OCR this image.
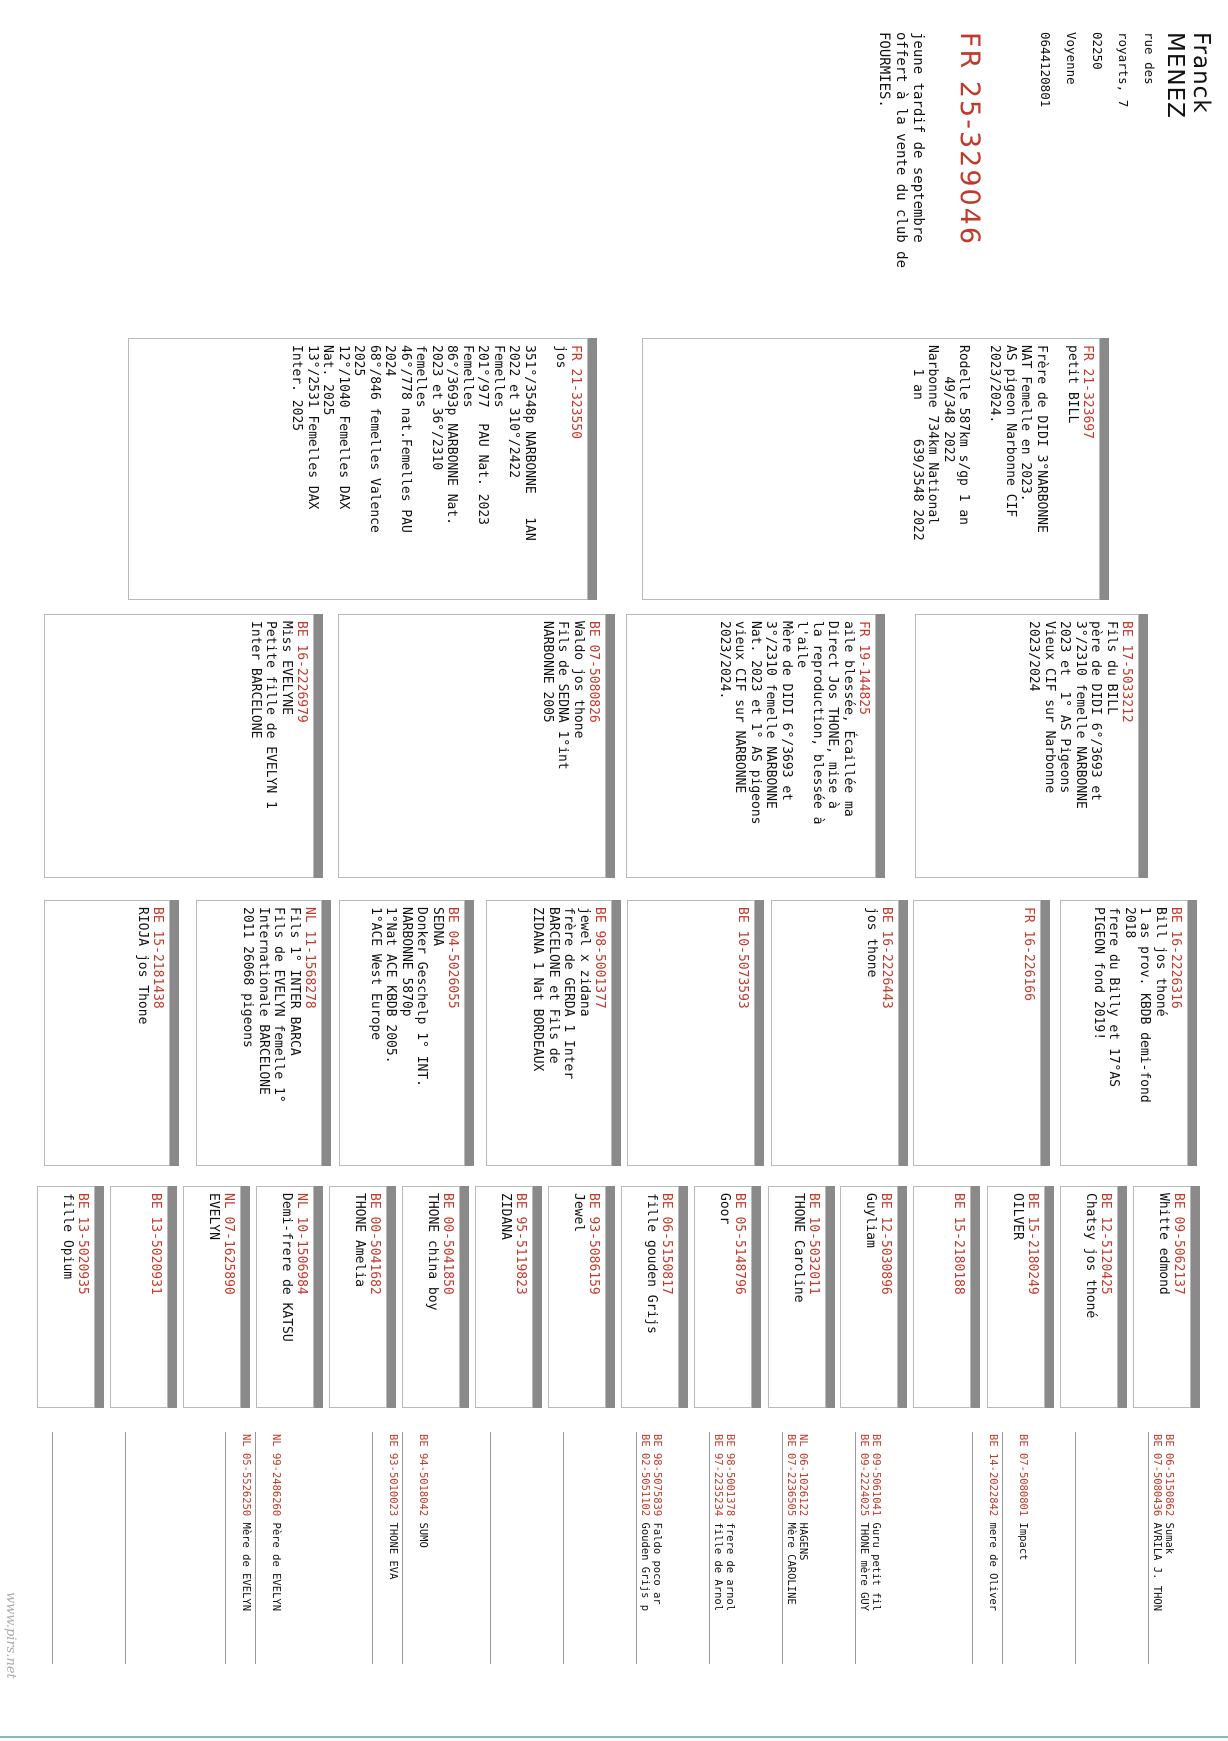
Franck MENEZ
rue des royarts, 7
02250 Voyenne
0644120801
FR 25-329046
jeune tardif de septembre
offert à la vente du club de
FOURMIES.
FR 21-323697
petit BILL

Frère de DIDI 3°NARBONNE
NAT Femelle en 2023.
AS pigeon Narbonne CIF
2023/2024.

Rodelle 587km s/gp 1 an
49/348 2022
Narbonne 734km National
1 an     639/3548 2022
FR 21-323550
jos

351°/3548p NARBONNE   1AN
2022 et 310°/2422
Femelles
201°/977  PAU Nat. 2023
Femelles
86°/3693p NARBONNE Nat.
2023 et 36°/2310
femelles
46°/778 nat.Femelles PAU
2024
68°/846 femelles Valence
2025
12°/1040 Femelles DAX
Nat. 2025
13°/2531 Femelles DAX
Inter. 2025
BE 17-5033212
Fils du BILL
père de DIDI 6°/3693 et
3°/2310 femelle NARBONNE
2023 et  1° AS Pigeons
Vieux CIF sur Narbonne
2023/2024
FR 19-144825
aile blessée, Écaillée ma
Direct Jos THONE, mise à
la reproduction, blessée à
l'aile
Mère de DIDI 6°/3693 et
3°/2310 femelle NARBONNE
Nat. 2023 et 1° AS pigeons
vieux CIF sur NARBONNE
2023/2024.
BE 07-5080826
Waldo jos thone
Fils de SEDNA 1°int
NARBONNE 2005
BE 16-2226979
Miss EVELYNE
Petite fille de EVELYN 1
Inter BARCELONE
BE 16-2226316
Bill jos thoné
1 as prov. KBDB demi-fond
2018
frere du Billy et 17°AS
PIGEON fond 2019!
FR 16-226166
BE 16-2226443
jos thone
BE 10-5073593
BE 98-5001377
jewel x zidana
frère de GERDA 1 Inter
BARCELONE et Fils de
ZIDANA 1 Nat BORDEAUX
BE 04-5026055
SEDNA
Donker Geschelp 1° INT.
NARBONNE 5870p
1°Nat ACE KBDB 2005.
1°ACE West Europe
NL 11-1568278
Fils 1° INTER BARCA
Fils de EVELYN femelle 1°
Internationale BARCELONE
2011 26068 pigeons
BE 15-2181438
RIOJA jos Thone
BE 09-5062137
Whitte edmond
BE 12-5120425
Chatsy jos thoné
BE 15-2180249
OILVER
BE 15-2180188
BE 12-5030896
Guyliam
BE 10-5032011
THONE Caroline
BE 05-5148796
Goor
BE 06-5150817
fille gouden Grijs
BE 93-5086159
Jewel
BE 95-5119823
ZIDANA
BE 00-5041850
THONE china boy
BE 00-5041682
THONE Amelia
NL 10-1506984
Demi-frere de KATSU
NL 07-1625890
EVELYN
BE 13-5020931
BE 13-5020935
fille Opium
BE 06-5150862 Sumak
BE 07-5080436 AVRILA J. THON
BE 07-5080801 Impact
BE 14-2022842 mere de Oliver
BE 09-5061041 Guru petit fil
BE 09-2224025 THONE mère GUY
NL 06-1026122 HAGENS
BE 07-2236505 Mère CAROLINE
BE 98-5001378 frere de arnol
BE 97-2235234 fille de Arnol
BE 98-5075839 Faldo poco ar
BE 02-5051102 Gouden Grijs p
BE 94-5018042 SUMO
BE 93-5010023 THONE EVA
NL 99-2486260 Père de EVELYN
NL 05-5526250 Mère de EVELYN
www.pirs.net
